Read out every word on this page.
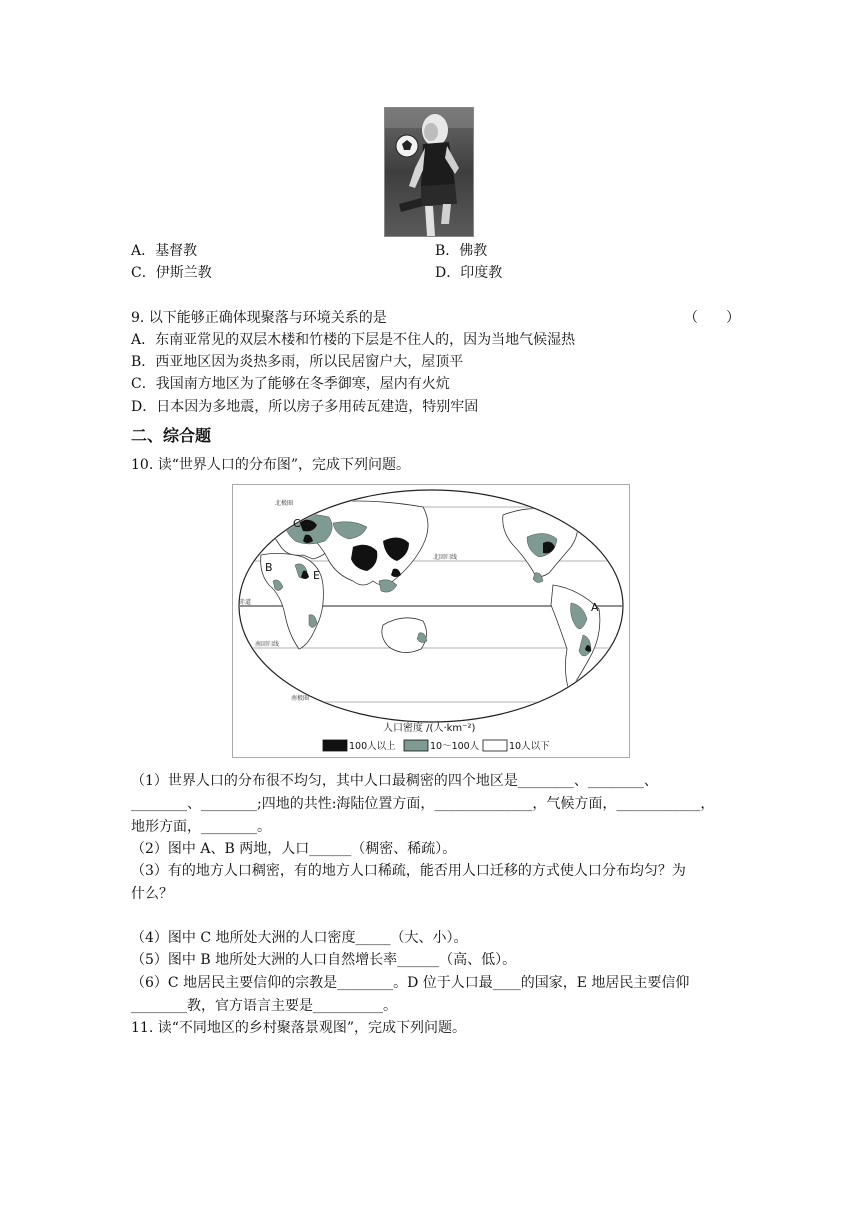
A．基督教	B．佛教
C．伊斯兰教	D．印度教
9. 以下能够正确体现聚落与环境关系的是	（　　）
A．东南亚常见的双层木楼和竹楼的下层是不住人的，因为当地气候湿热
B．西亚地区因为炎热多雨，所以民居窗户大，屋顶平
C．我国南方地区为了能够在冬季御寒，屋内有火炕
D．日本因为多地震，所以房子多用砖瓦建造，特别牢固
二、综合题
10. 读“世界人口的分布图”，完成下列问题。
A
B
C
D
E
北极圈
北回归线
赤道
南回归线
南极圈
人口密度 /(人·km⁻²)
100人以上	10～100人	10人以下
（1）世界人口的分布很不均匀，其中人口最稠密的四个地区是________、________、
________、________;四地的共性:海陆位置方面，______________，气候方面，____________，
地形方面，________。
（2）图中 A、B 两地，人口______（稠密、稀疏）。
（3）有的地方人口稠密，有的地方人口稀疏，能否用人口迁移的方式使人口分布均匀？为
什么？
（4）图中 C 地所处大洲的人口密度_____（大、小）。
（5）图中 B 地所处大洲的人口自然增长率______（高、低）。
（6）C 地居民主要信仰的宗教是________。D 位于人口最____的国家，E 地居民主要信仰
________教，官方语言主要是__________。
11. 读“不同地区的乡村聚落景观图”，完成下列问题。
